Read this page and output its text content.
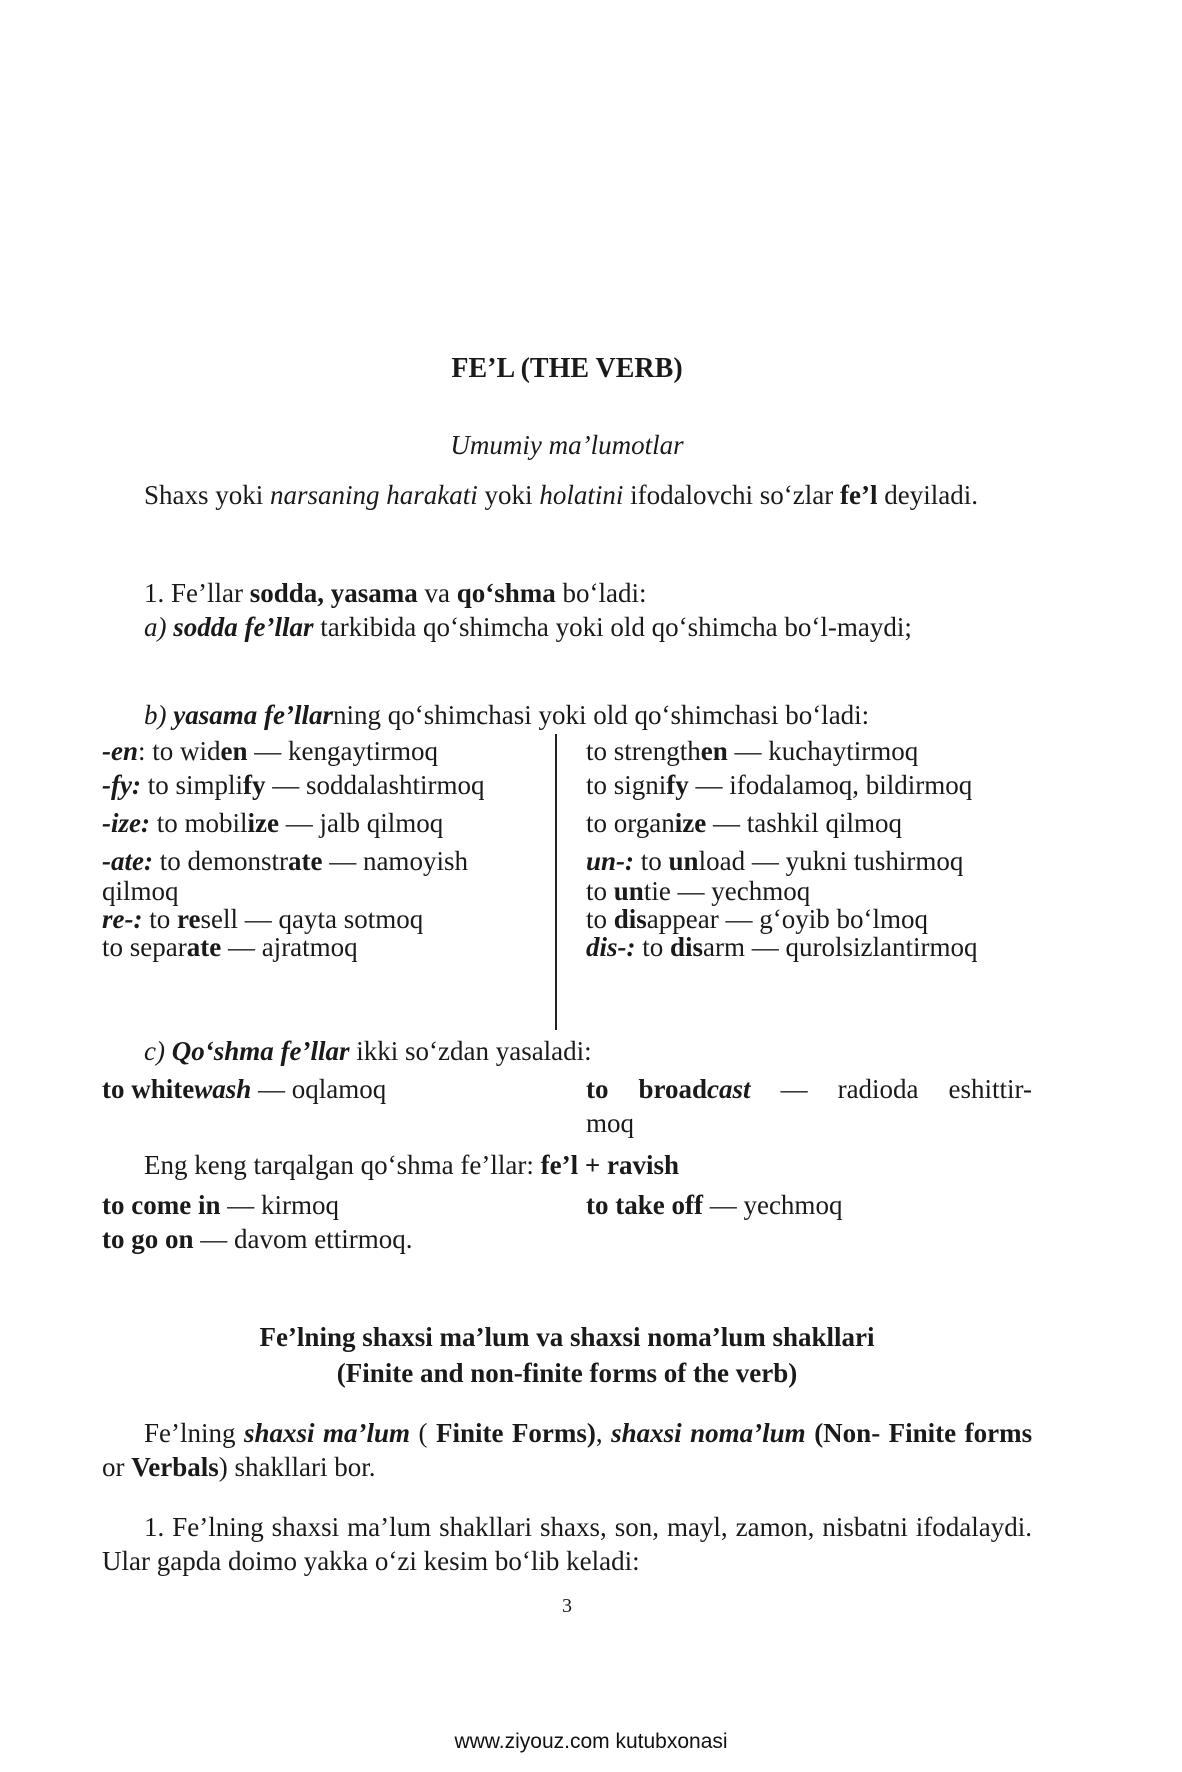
FE’L (THE VERB)
Umumiy ma’lumotlar

Shaxs yoki narsaning harakati yoki holatini ifodalovchi so‘zlar fe’l deyiladi.

1. Fe’llar sodda, yasama va qo‘shma bo‘ladi:

a) sodda fe’llar tarkibida qo‘shimcha yoki old qo‘shimcha bo‘l-maydi;

b) yasama fe’llarning qo‘shimchasi yoki old qo‘shimchasi bo‘ladi:

-en: to widen — kengaytirmoq
-fy: to simplify — soddalashtirmoq
-ize: to mobilize — jalb qilmoq
-ate: to demonstrate — namoyish
qilmoq
re-: to resell — qayta sotmoq
to separate — ajratmoq
to strengthen — kuchaytirmoq
to signify — ifodalamoq, bildirmoq
to organize — tashkil qilmoq
un-: to unload — yukni tushirmoq
to untie — yechmoq
to disappear — g‘oyib bo‘lmoq
dis-: to disarm — qurolsizlantirmoq

c) Qo‘shma fe’llar ikki so‘zdan yasaladi:

to whitewash — oqlamoq	to broadcast — radioda eshittir-
moq

Eng keng tarqalgan qo‘shma fe’llar: fe’l + ravish

to come in — kirmoq	to take off — yechmoq
to go on — davom ettirmoq.
Fe’lning shaxsi ma’lum va shaxsi noma’lum shakllari
(Finite and non-finite forms of the verb)

Fe’lning shaxsi ma’lum ( Finite Forms), shaxsi noma’lum (Non- Finite forms or Verbals) shakllari bor.

1. Fe’lning shaxsi ma’lum shakllari shaxs, son, mayl, zamon, nisbatni ifodalaydi. Ular gapda doimo yakka o‘zi kesim bo‘lib keladi:

3
www.ziyouz.com kutubxonasi
